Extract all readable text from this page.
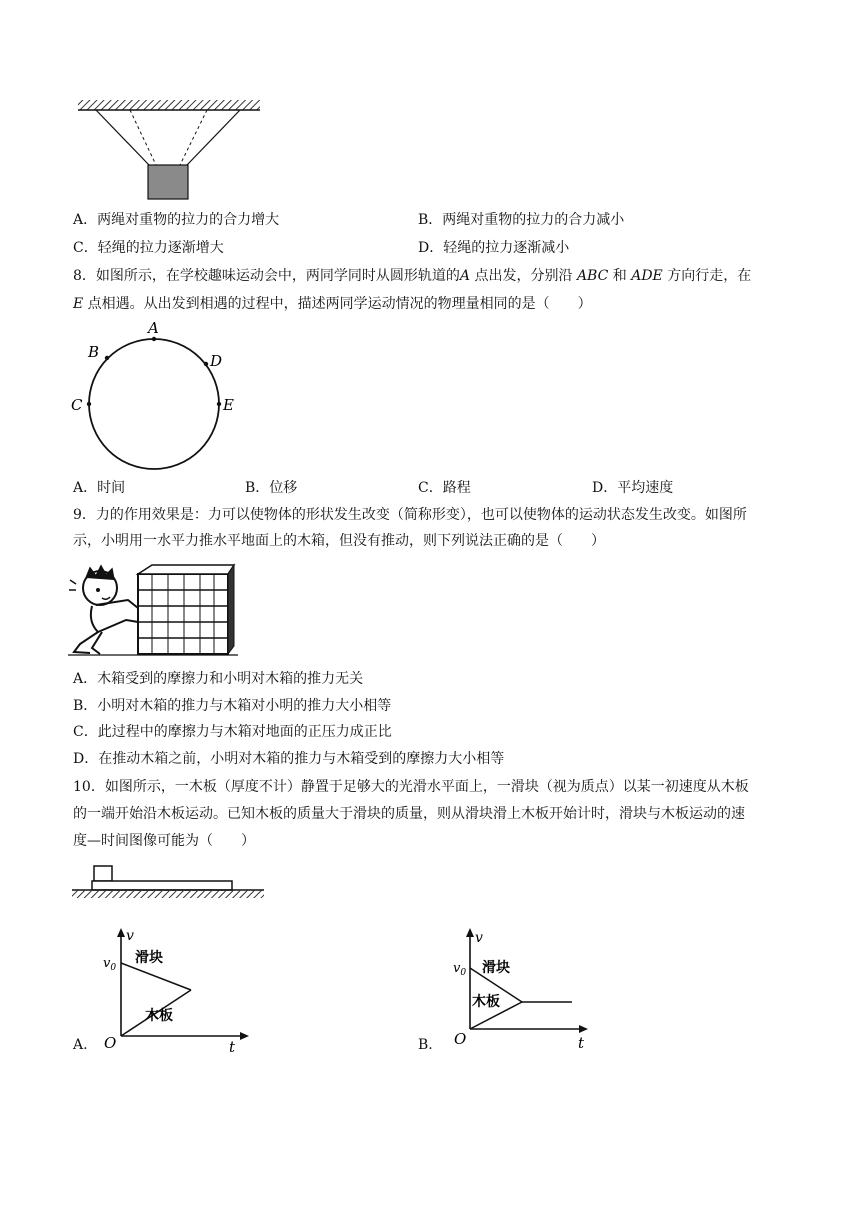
A．两绳对重物的拉力的合力增大	B．两绳对重物的拉力的合力减小
C．轻绳的拉力逐渐增大	D．轻绳的拉力逐渐减小
8．如图所示，在学校趣味运动会中，两同学同时从圆形轨道的A 点出发，分别沿 ABC 和 ADE 方向行走，在
E 点相遇。从出发到相遇的过程中，描述两同学运动情况的物理量相同的是（　　）
A
B	D
C	E
A．时间	B．位移	C．路程	D．平均速度
9．力的作用效果是：力可以使物体的形状发生改变（简称形变），也可以使物体的运动状态发生改变。如图所
示，小明用一水平力推水平地面上的木箱，但没有推动，则下列说法正确的是（　　）
A．木箱受到的摩擦力和小明对木箱的推力无关
B．小明对木箱的推力与木箱对小明的推力大小相等
C．此过程中的摩擦力与木箱对地面的正压力成正比
D．在推动木箱之前，小明对木箱的推力与木箱受到的摩擦力大小相等
10．如图所示，一木板（厚度不计）静置于足够大的光滑水平面上，一滑块（视为质点）以某一初速度从木板
的一端开始沿木板运动。已知木板的质量大于滑块的质量，则从滑块滑上木板开始计时，滑块与木板运动的速
度—时间图像可能为（　　）
v
$v_0$
O	t
滑块
木板
A.
v
$v_0$
O	t
滑块
木板
B.
